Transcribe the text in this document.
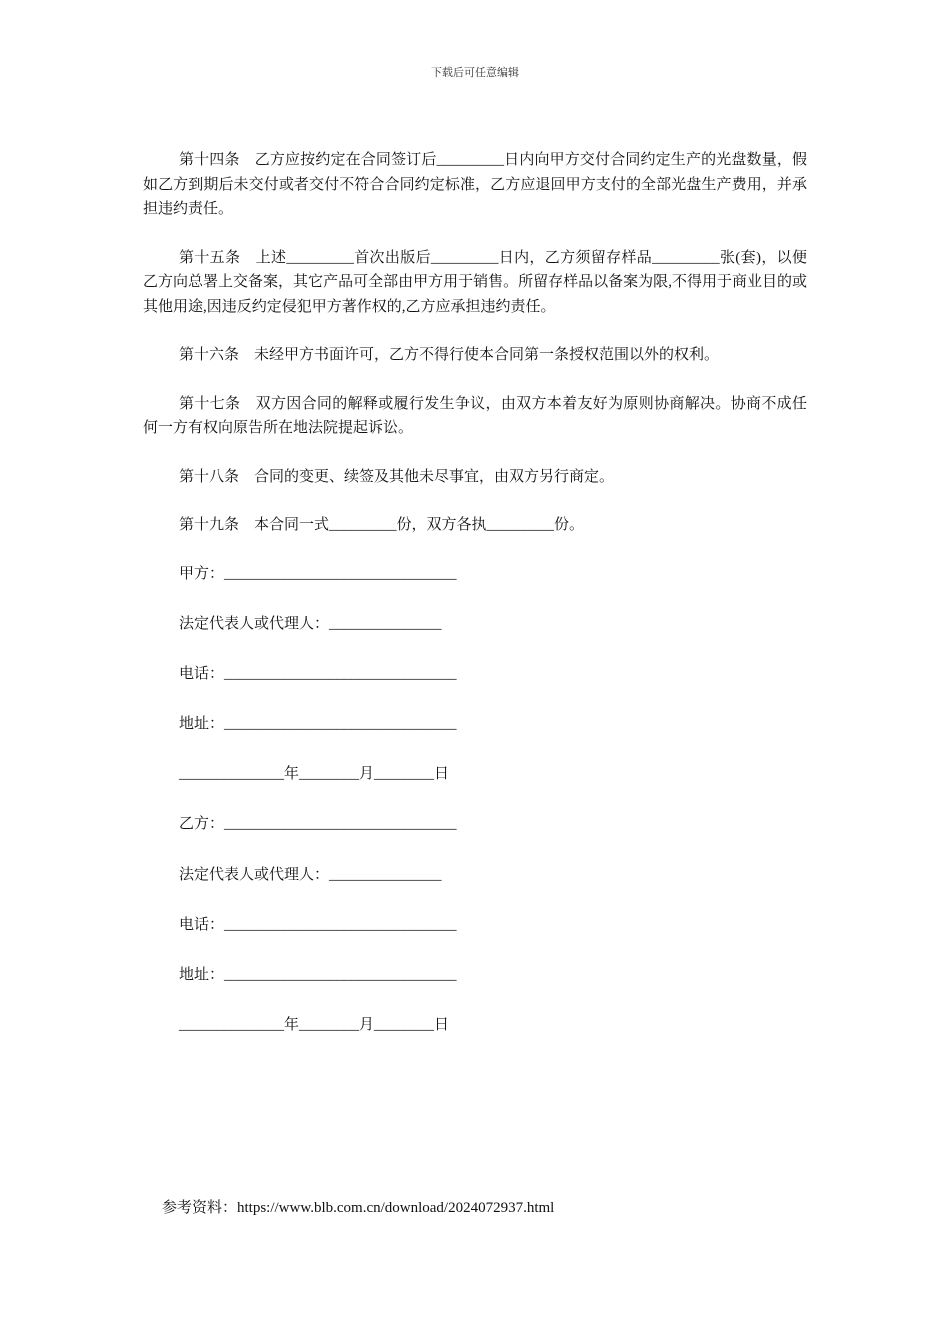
下载后可任意编辑

第十四条　乙方应按约定在合同签订后_________日内向甲方交付合同约定生产的光盘数量，假如乙方到期后未交付或者交付不符合合同约定标准，乙方应退回甲方支付的全部光盘生产费用，并承担违约责任。

第十五条　上述_________首次出版后_________日内，乙方须留存样品_________张(套)，以便乙方向总署上交备案，其它产品可全部由甲方用于销售。所留存样品以备案为限,不得用于商业目的或其他用途,因违反约定侵犯甲方著作权的,乙方应承担违约责任。

第十六条　未经甲方书面许可，乙方不得行使本合同第一条授权范围以外的权利。

第十七条　双方因合同的解释或履行发生争议，由双方本着友好为原则协商解决。协商不成任何一方有权向原告所在地法院提起诉讼。

第十八条　合同的变更、续签及其他未尽事宜，由双方另行商定。

第十九条　本合同一式_________份，双方各执_________份。

甲方：_______________________________

法定代表人或代理人：_______________

电话：_______________________________

地址：_______________________________

______________年________月________日

乙方：_______________________________

法定代表人或代理人：_______________

电话：_______________________________

地址：_______________________________

______________年________月________日

参考资料：https://www.blb.com.cn/download/2024072937.html
